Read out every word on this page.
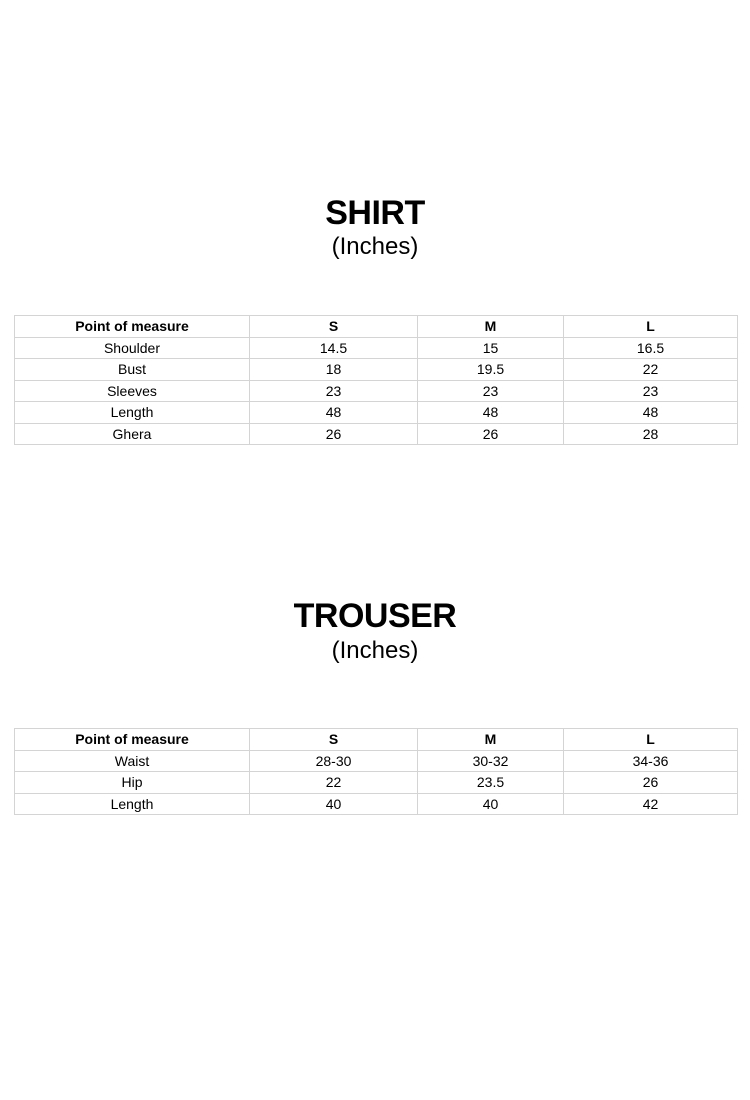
SHIRT
(Inches)
Point of measure	S	M	L
Shoulder	14.5	15	16.5
Bust	18	19.5	22
Sleeves	23	23	23
Length	48	48	48
Ghera	26	26	28
TROUSER
(Inches)
Point of measure	S	M	L
Waist	28-30	30-32	34-36
Hip	22	23.5	26
Length	40	40	42
